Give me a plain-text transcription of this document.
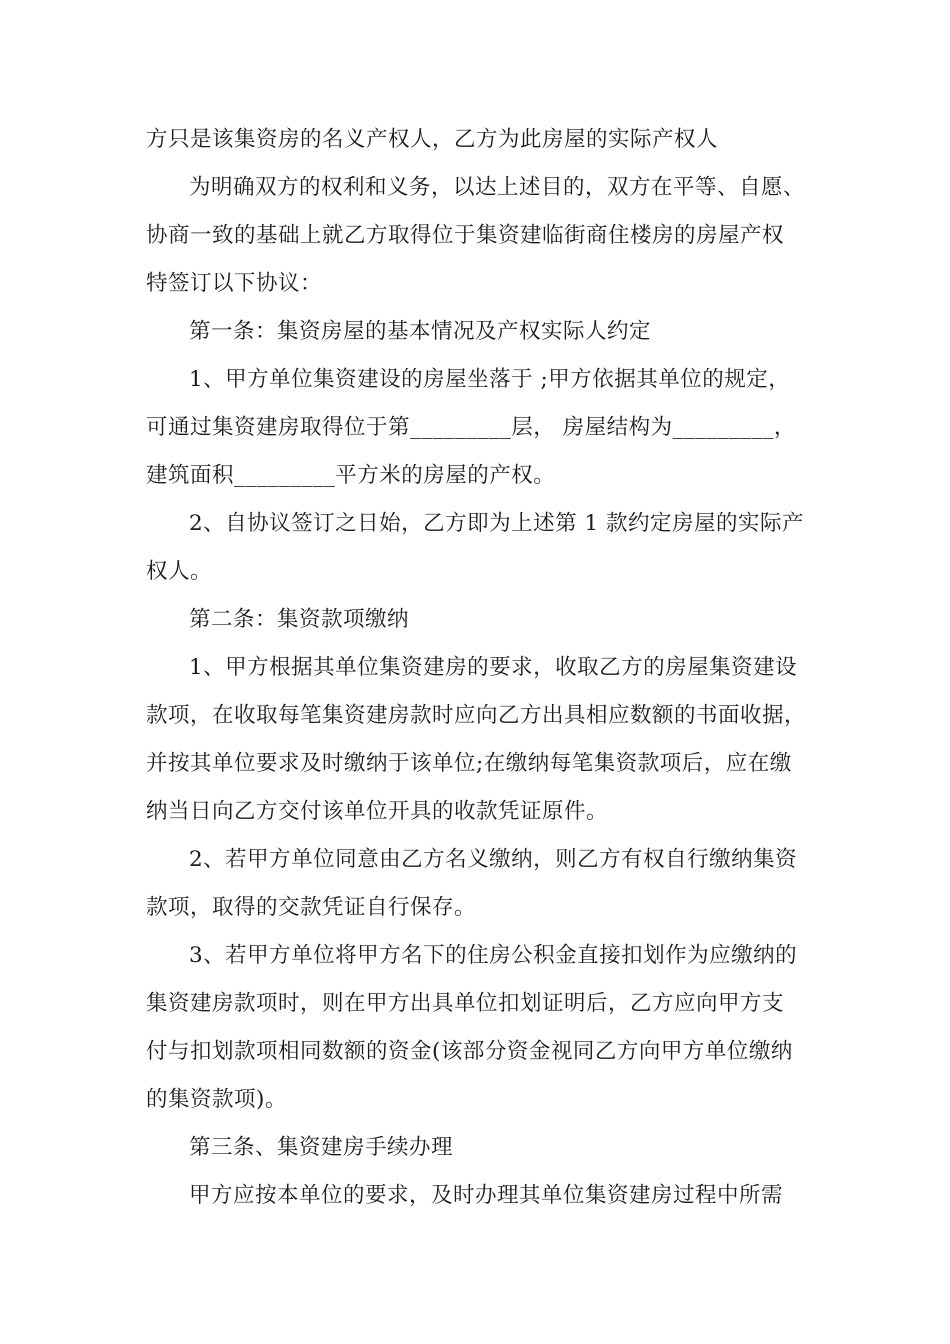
方只是该集资房的名义产权人，乙方为此房屋的实际产权人
为明确双方的权利和义务，以达上述目的，双方在平等、自愿、
协商一致的基础上就乙方取得位于集资建临街商住楼房的房屋产权
特签订以下协议：
第一条：集资房屋的基本情况及产权实际人约定
1、甲方单位集资建设的房屋坐落于 ;甲方依据其单位的规定，
可通过集资建房取得位于第_________层， 房屋结构为_________，
建筑面积_________平方米的房屋的产权。
2、自协议签订之日始，乙方即为上述第 1 款约定房屋的实际产
权人。
第二条：集资款项缴纳
1、甲方根据其单位集资建房的要求，收取乙方的房屋集资建设
款项，在收取每笔集资建房款时应向乙方出具相应数额的书面收据，
并按其单位要求及时缴纳于该单位;在缴纳每笔集资款项后，应在缴
纳当日向乙方交付该单位开具的收款凭证原件。
2、若甲方单位同意由乙方名义缴纳，则乙方有权自行缴纳集资
款项，取得的交款凭证自行保存。
3、若甲方单位将甲方名下的住房公积金直接扣划作为应缴纳的
集资建房款项时，则在甲方出具单位扣划证明后，乙方应向甲方支
付与扣划款项相同数额的资金(该部分资金视同乙方向甲方单位缴纳
的集资款项)。
第三条、集资建房手续办理
甲方应按本单位的要求，及时办理其单位集资建房过程中所需
